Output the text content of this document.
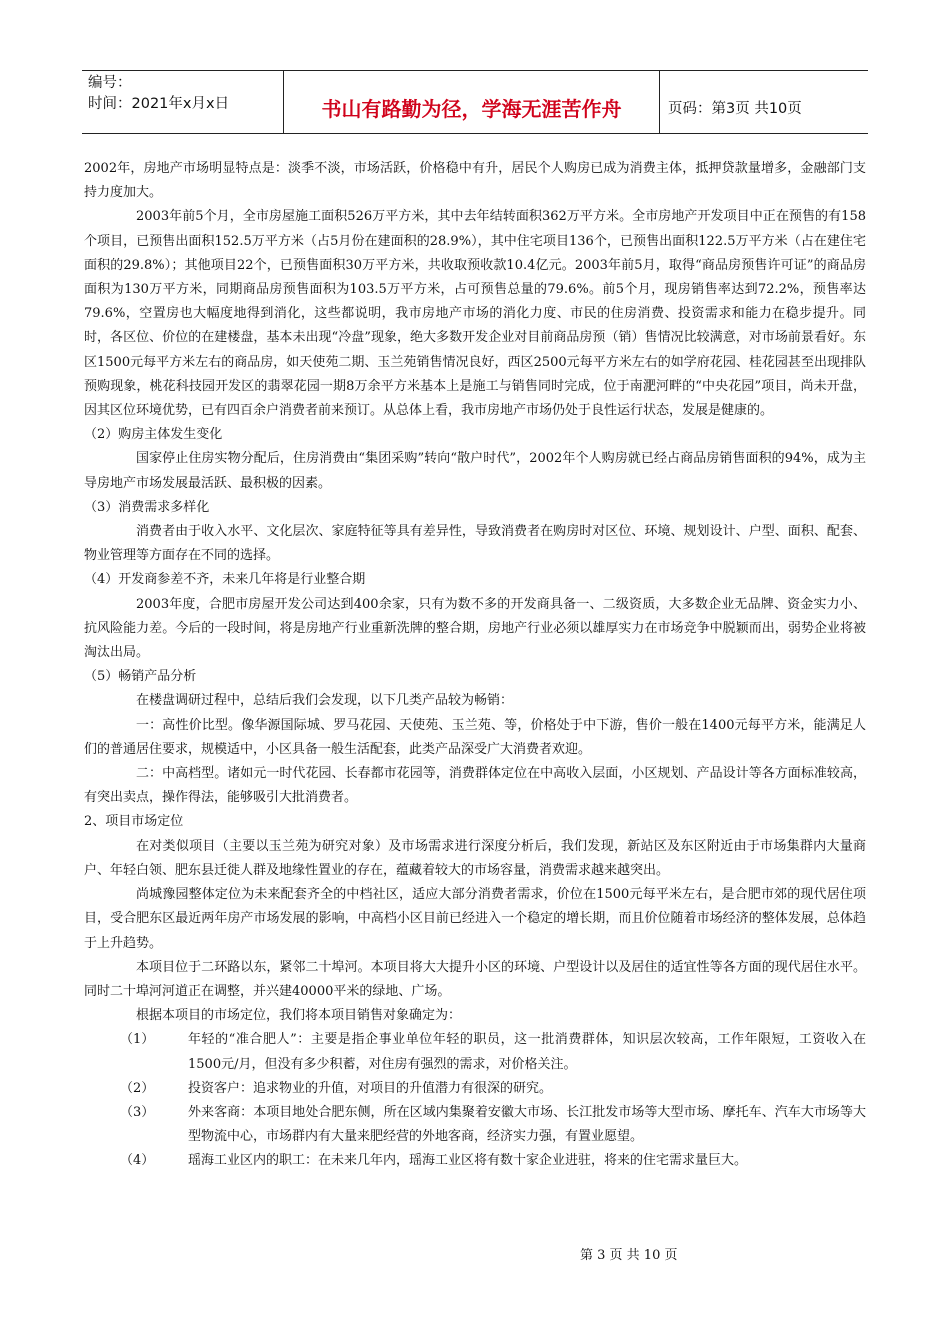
编号：
时间：2021年x月x日	书山有路勤为径，学海无涯苦作舟	页码：第3页 共10页

2002年，房地产市场明显特点是：淡季不淡，市场活跃，价格稳中有升，居民个人购房已成为消费主体，抵押贷款量增多，金融部门支持力度加大。

2003年前5个月，全市房屋施工面积526万平方米，其中去年结转面积362万平方米。全市房地产开发项目中正在预售的有158个项目，已预售出面积152.5万平方米（占5月份在建面积的28.9%），其中住宅项目136个，已预售出面积122.5万平方米（占在建住宅面积的29.8%）；其他项目22个，已预售面积30万平方米，共收取预收款10.4亿元。2003年前5月，取得“商品房预售许可证”的商品房面积为130万平方米，同期商品房预售面积为103.5万平方米，占可预售总量的79.6%。前5个月，现房销售率达到72.2%，预售率达79.6%，空置房也大幅度地得到消化，这些都说明，我市房地产市场的消化力度、市民的住房消费、投资需求和能力在稳步提升。同时，各区位、价位的在建楼盘，基本未出现“冷盘”现象，绝大多数开发企业对目前商品房预（销）售情况比较满意，对市场前景看好。东区1500元每平方米左右的商品房，如天使苑二期、玉兰苑销售情况良好，西区2500元每平方米左右的如学府花园、桂花园甚至出现排队预购现象，桃花科技园开发区的翡翠花园一期8万余平方米基本上是施工与销售同时完成，位于南淝河畔的“中央花园”项目，尚未开盘，因其区位环境优势，已有四百余户消费者前来预订。从总体上看，我市房地产市场仍处于良性运行状态，发展是健康的。

（2）购房主体发生变化

国家停止住房实物分配后，住房消费由“集团采购”转向“散户时代”，2002年个人购房就已经占商品房销售面积的94%，成为主导房地产市场发展最活跃、最积极的因素。

（3）消费需求多样化

消费者由于收入水平、文化层次、家庭特征等具有差异性，导致消费者在购房时对区位、环境、规划设计、户型、面积、配套、物业管理等方面存在不同的选择。

（4）开发商参差不齐，未来几年将是行业整合期

2003年度，合肥市房屋开发公司达到400余家，只有为数不多的开发商具备一、二级资质，大多数企业无品牌、资金实力小、抗风险能力差。今后的一段时间，将是房地产行业重新洗牌的整合期，房地产行业必须以雄厚实力在市场竞争中脱颖而出，弱势企业将被淘汰出局。

（5）畅销产品分析

在楼盘调研过程中，总结后我们会发现，以下几类产品较为畅销：

一：高性价比型。像华源国际城、罗马花园、天使苑、玉兰苑、等，价格处于中下游，售价一般在1400元每平方米，能满足人们的普通居住要求，规模适中，小区具备一般生活配套，此类产品深受广大消费者欢迎。

二：中高档型。诸如元一时代花园、长春都市花园等，消费群体定位在中高收入层面，小区规划、产品设计等各方面标准较高，有突出卖点，操作得法，能够吸引大批消费者。

2、项目市场定位

在对类似项目（主要以玉兰苑为研究对象）及市场需求进行深度分析后，我们发现，新站区及东区附近由于市场集群内大量商户、年轻白领、肥东县迁徙人群及地缘性置业的存在，蕴藏着较大的市场容量，消费需求越来越突出。

尚城豫园整体定位为未来配套齐全的中档社区，适应大部分消费者需求，价位在1500元每平米左右，是合肥市郊的现代居住项目，受合肥东区最近两年房产市场发展的影响，中高档小区目前已经进入一个稳定的增长期，而且价位随着市场经济的整体发展，总体趋于上升趋势。

本项目位于二环路以东，紧邻二十埠河。本项目将大大提升小区的环境、户型设计以及居住的适宜性等各方面的现代居住水平。同时二十埠河河道正在调整，并兴建40000平米的绿地、广场。

根据本项目的市场定位，我们将本项目销售对象确定为：

（1）	年轻的“准合肥人”：主要是指企事业单位年轻的职员，这一批消费群体，知识层次较高，工作年限短，工资收入在1500元/月，但没有多少积蓄，对住房有强烈的需求，对价格关注。
（2）	投资客户：追求物业的升值，对项目的升值潜力有很深的研究。
（3）	外来客商：本项目地处合肥东侧，所在区域内集聚着安徽大市场、长江批发市场等大型市场、摩托车、汽车大市场等大型物流中心，市场群内有大量来肥经营的外地客商，经济实力强，有置业愿望。
（4）	瑶海工业区内的职工：在未来几年内，瑶海工业区将有数十家企业进驻，将来的住宅需求量巨大。
第 3 页 共 10 页
